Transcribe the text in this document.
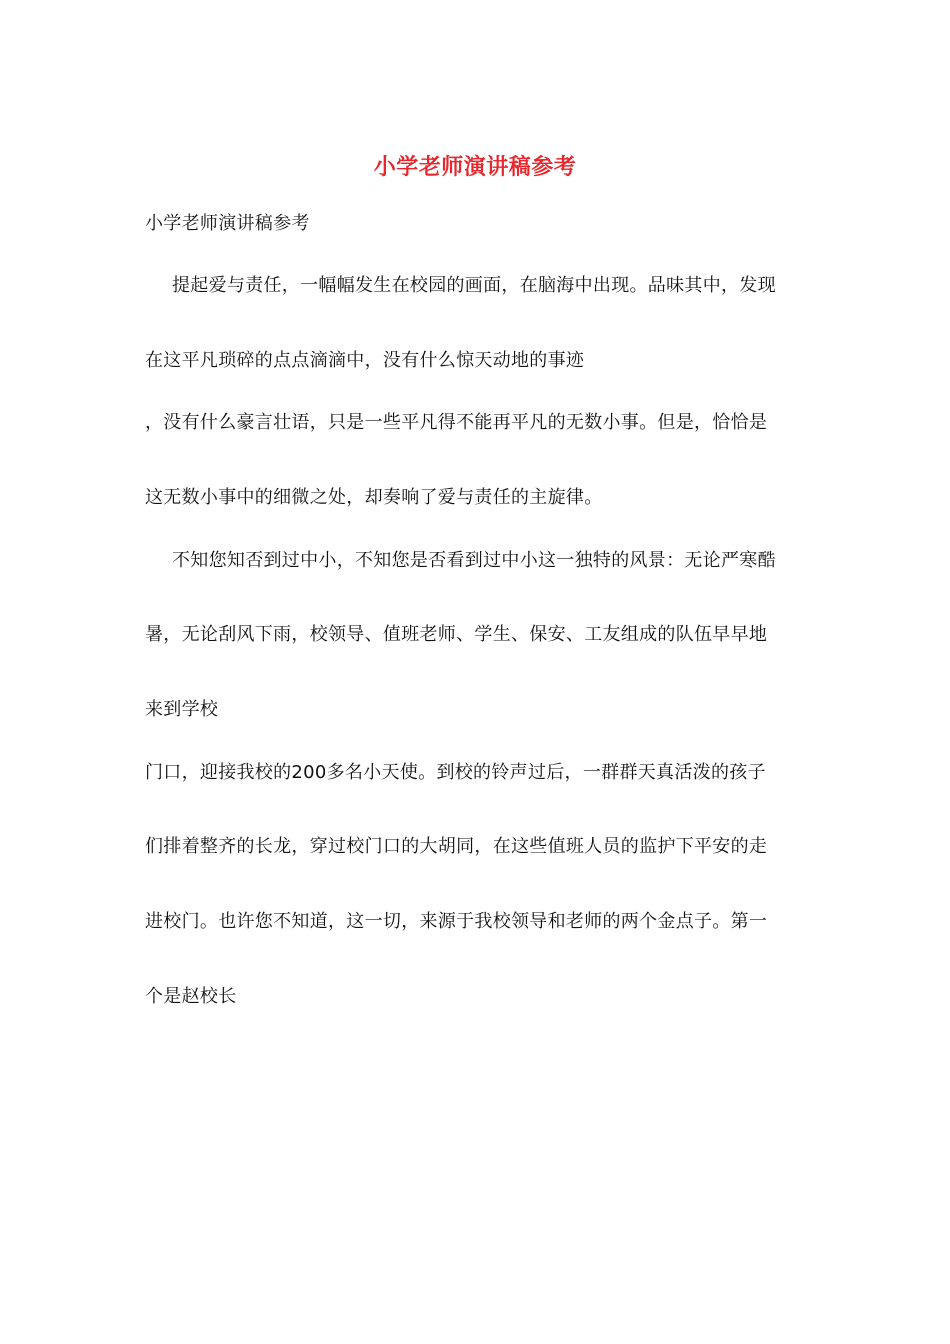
小学老师演讲稿参考
小学老师演讲稿参考
提起爱与责任，一幅幅发生在校园的画面，在脑海中出现。品味其中，发现
在这平凡琐碎的点点滴滴中，没有什么惊天动地的事迹
，没有什么豪言壮语，只是一些平凡得不能再平凡的无数小事。但是，恰恰是
这无数小事中的细微之处，却奏响了爱与责任的主旋律。
不知您知否到过中小，不知您是否看到过中小这一独特的风景：无论严寒酷
暑，无论刮风下雨，校领导、值班老师、学生、保安、工友组成的队伍早早地
来到学校
门口，迎接我校的200多名小天使。到校的铃声过后，一群群天真活泼的孩子
们排着整齐的长龙，穿过校门口的大胡同，在这些值班人员的监护下平安的走
进校门。也许您不知道，这一切，来源于我校领导和老师的两个金点子。第一
个是赵校长
